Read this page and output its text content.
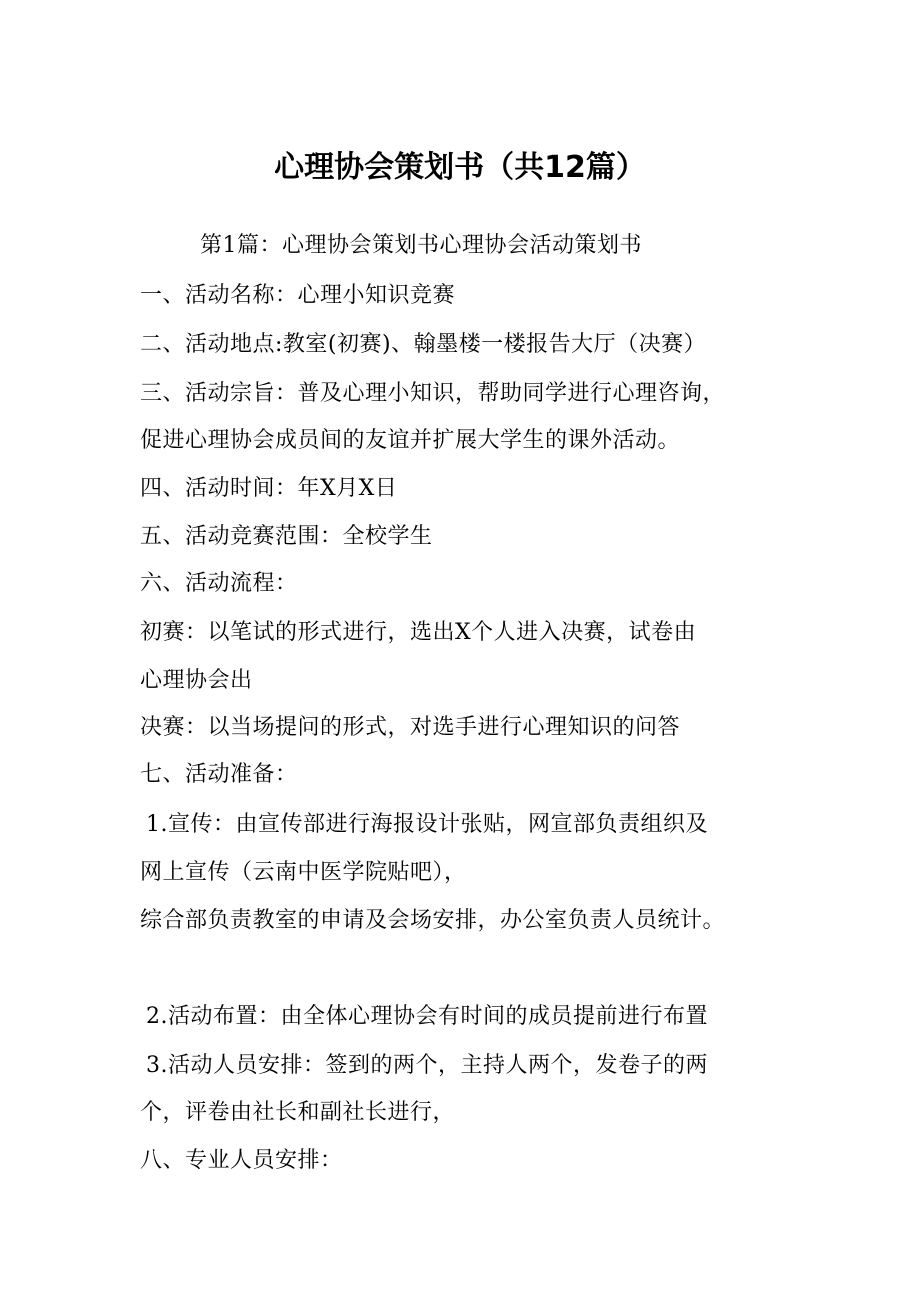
心理协会策划书（共12篇）
第1篇：心理协会策划书心理协会活动策划书
一、活动名称：心理小知识竞赛
二、活动地点:教室(初赛)、翰墨楼一楼报告大厅（决赛）
三、活动宗旨：普及心理小知识，帮助同学进行心理咨询，
促进心理协会成员间的友谊并扩展大学生的课外活动。
四、活动时间：年X月X日
五、活动竞赛范围：全校学生
六、活动流程：
初赛：以笔试的形式进行，选出X个人进入决赛，试卷由
心理协会出
决赛：以当场提问的形式，对选手进行心理知识的问答
七、活动准备：
1.宣传：由宣传部进行海报设计张贴，网宣部负责组织及
网上宣传（云南中医学院贴吧），
综合部负责教室的申请及会场安排，办公室负责人员统计。
2.活动布置：由全体心理协会有时间的成员提前进行布置
3.活动人员安排：签到的两个，主持人两个，发卷子的两
个，评卷由社长和副社长进行，
八、专业人员安排：
